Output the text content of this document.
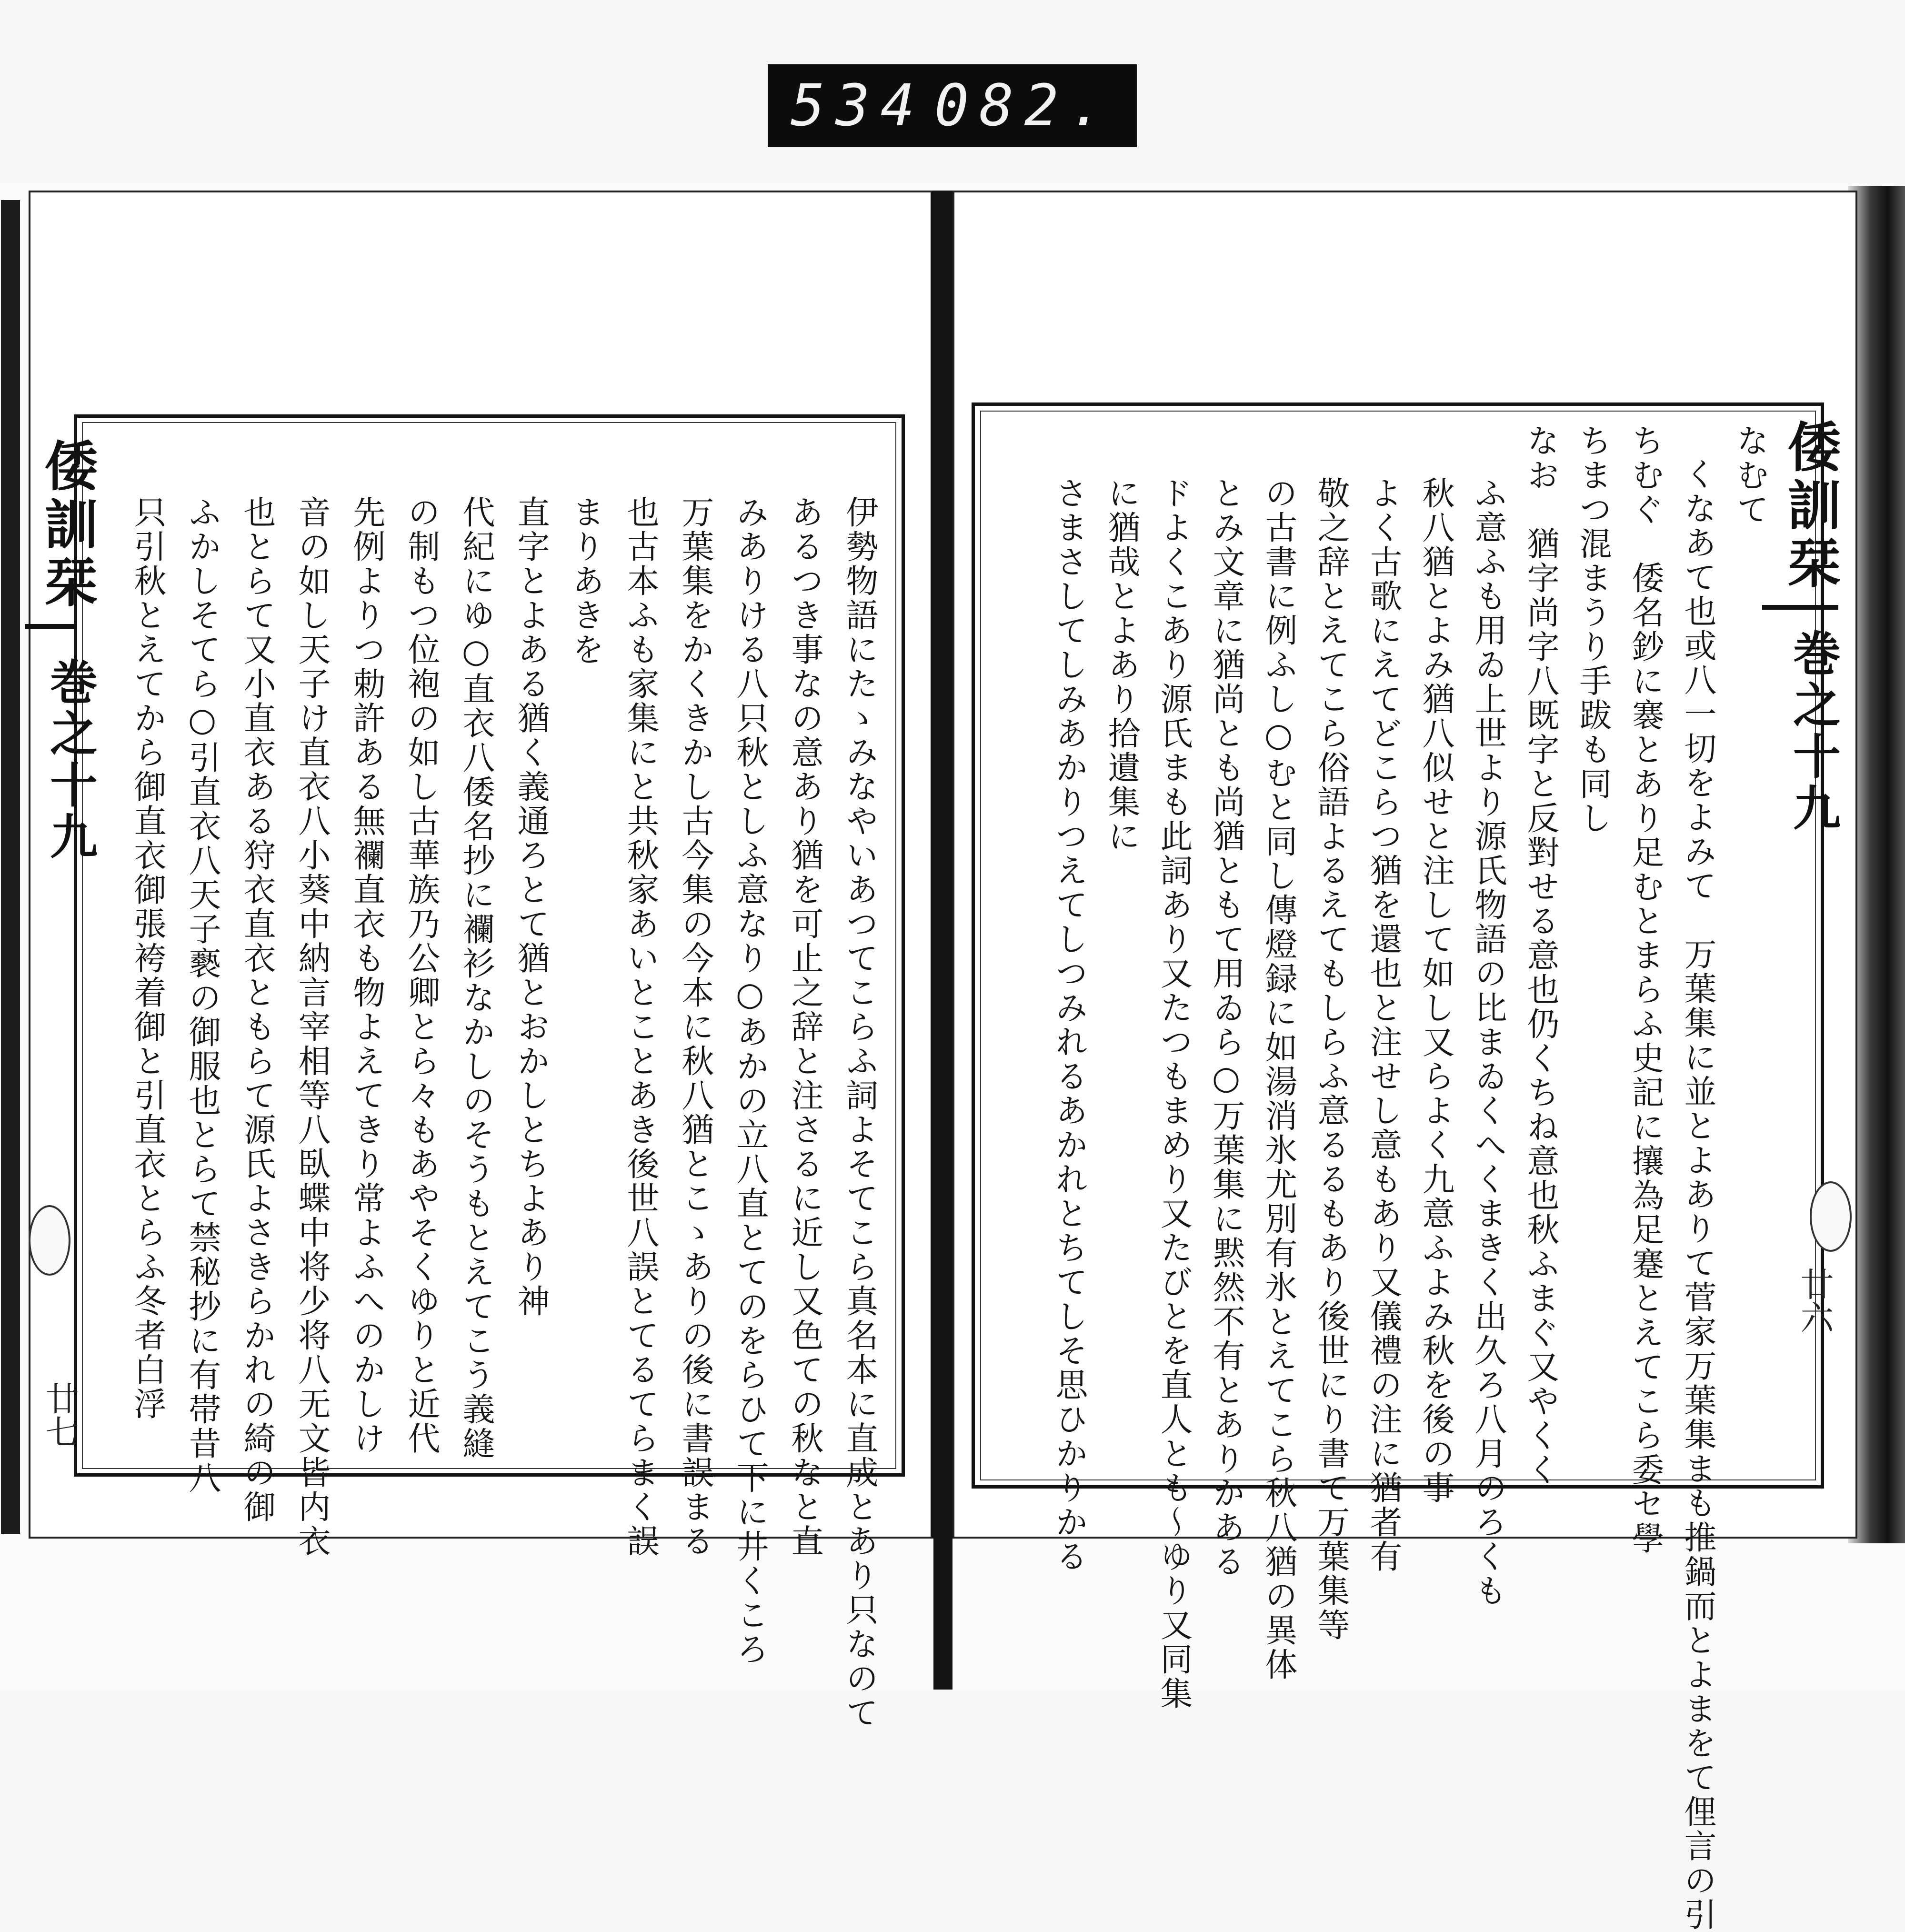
534 082.
倭訓栞
巻之十九
廿七	伊勢物語にたゝみなやいあつてこらふ詞よそてこら真名本に直成とあり只なのて
あるつき事なの意あり猶を可止之辞と注さるに近し又色ての秋なと直
みありける八只秋としふ意なり○あかの立八直とてのをらひて下に井くころ
万葉集をかくきかし古今集の今本に秋八猶とこゝありの後に書誤まる
也古本ふも家集にと共秋家あいとことあき後世八誤とてるてらまく誤
まりあきを
直字とよある猶く義通ろとて猶とおかしとちよあり神
代紀にゆ○直衣八倭名抄に襴衫なかしのそうもとえてこう義縫
の制もつ位袍の如し古華族乃公卿とら々もあやそくゆりと近代
先例よりつ勅許ある無襴直衣も物よえてきり常よふへのかしけ
音の如し天子け直衣八小葵中納言宰相等八臥蝶中将少将八无文皆内衣
也とらて又小直衣ある狩衣直衣ともらて源氏よさきらかれの綺の御
ふかしそてら○引直衣八天子褻の御服也とらて禁秘抄に有帯昔八
只引秋とえてから御直衣御張袴着御と引直衣とらふ冬者白浮	倭訓栞
巻之十九
廿六
なむて
くなあて也或八一切をよみて　万葉集に並とよありて菅家万葉集まも推鍋而とよまをて俚言の引
ちむぐ　倭名鈔に褰とあり足むとまらふ史記に攘為足蹇とえてこら委セ學
ちまつ混まうり手跋も同し
なお　猶字尚字八既字と反對せる意也仍くちね意也秋ふまぐ又やくく
ふ意ふも用ゐ上世より源氏物語の比まゐくへくまきく出久ろ八月のろくも
秋八猶とよみ猶八似せと注して如し又らよく九意ふよみ秋を後の事
よく古歌にえてどこらつ猶を還也と注せし意もあり又儀禮の注に猶者有
敬之辞とえてこら俗語よるえてもしらふ意るるもあり後世にり書て万葉集等
の古書に例ふし○むと同し傳燈録に如湯消氷尤別有氷とえてこら秋八猶の異体
とみ文章に猶尚とも尚猶ともて用ゐら○万葉集に黙然不有とありかある
ドよくこあり源氏まも此詞あり又たつもまめり又たびとを直人とも～ゆり又同集
に猶哉とよあり拾遺集に
さまさしてしみあかりつえてしつみれるあかれとちてしそ思ひかりかる
